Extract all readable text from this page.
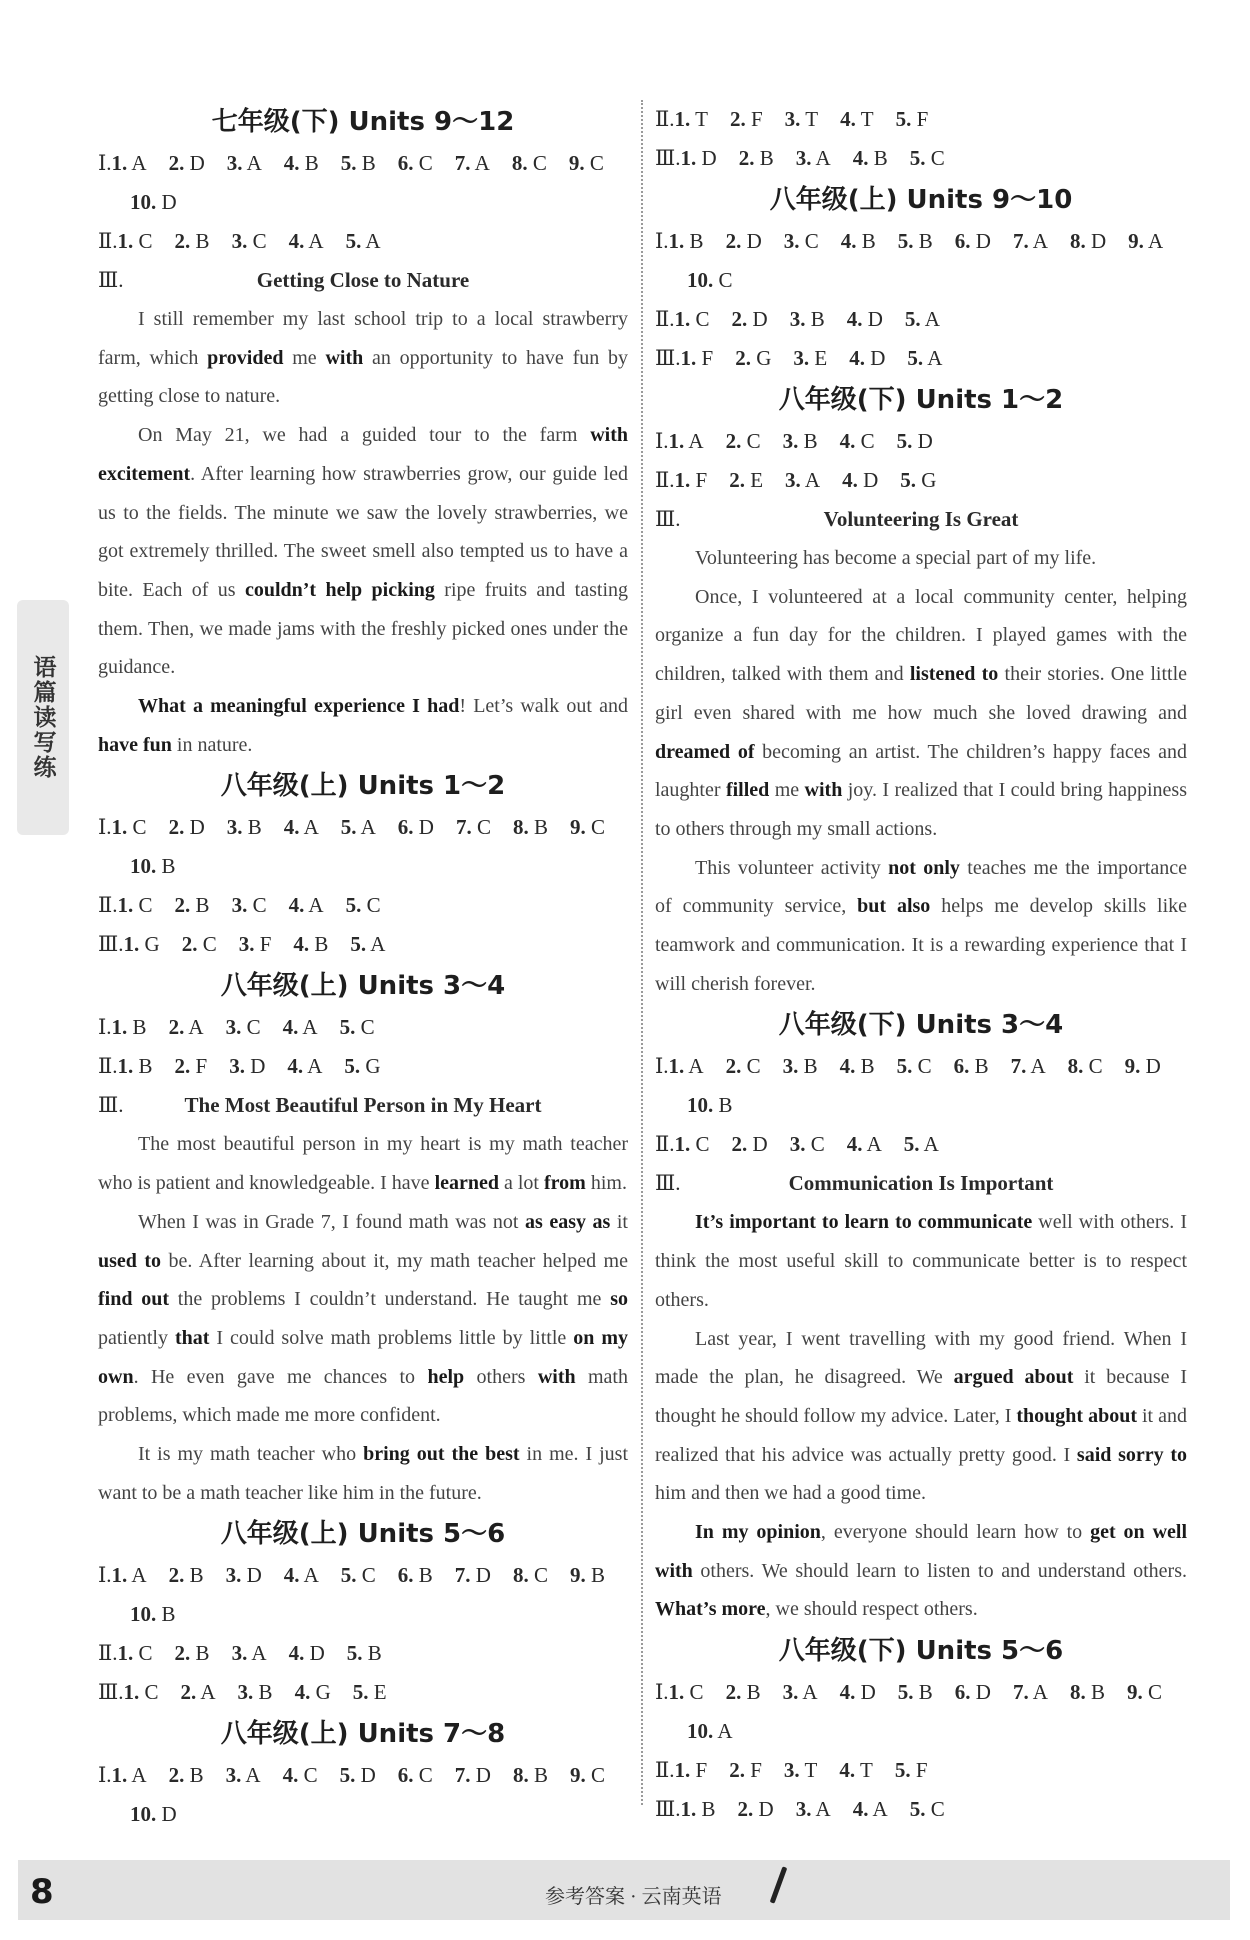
语篇读写练
七年级(下) Units 9～12
Ⅰ.1. A 2. D 3. A 4. B 5. B 6. C 7. A 8. C 9. C
10. D
Ⅱ.1. C 2. B 3. C 4. A 5. A
Ⅲ.	Getting Close to Nature

I still remember my last school trip to a local strawberry farm, which provided me with an opportunity to have fun by getting close to nature.

On May 21, we had a guided tour to the farm with excitement. After learning how strawberries grow, our guide led us to the fields. The minute we saw the lovely strawberries, we got extremely thrilled. The sweet smell also tempted us to have a bite. Each of us couldn’t help picking ripe fruits and tasting them. Then, we made jams with the freshly picked ones under the guidance.

What a meaningful experience I had! Let’s walk out and have fun in nature.

八年级(上) Units 1～2
Ⅰ.1. C 2. D 3. B 4. A 5. A 6. D 7. C 8. B 9. C
10. B
Ⅱ.1. C 2. B 3. C 4. A 5. C
Ⅲ.1. G 2. C 3. F 4. B 5. A
八年级(上) Units 3～4
Ⅰ.1. B 2. A 3. C 4. A 5. C
Ⅱ.1. B 2. F 3. D 4. A 5. G
Ⅲ.	The Most Beautiful Person in My Heart

The most beautiful person in my heart is my math teacher who is patient and knowledgeable. I have learned a lot from him.

When I was in Grade 7, I found math was not as easy as it used to be. After learning about it, my math teacher helped me find out the problems I couldn’t understand. He taught me so patiently that I could solve math problems little by little on my own. He even gave me chances to help others with math problems, which made me more confident.

It is my math teacher who bring out the best in me. I just want to be a math teacher like him in the future.

八年级(上) Units 5～6
Ⅰ.1. A 2. B 3. D 4. A 5. C 6. B 7. D 8. C 9. B
10. B
Ⅱ.1. C 2. B 3. A 4. D 5. B
Ⅲ.1. C 2. A 3. B 4. G 5. E
八年级(上) Units 7～8
Ⅰ.1. A 2. B 3. A 4. C 5. D 6. C 7. D 8. B 9. C
10. D
Ⅱ.1. T 2. F 3. T 4. T 5. F
Ⅲ.1. D 2. B 3. A 4. B 5. C
八年级(上) Units 9～10
Ⅰ.1. B 2. D 3. C 4. B 5. B 6. D 7. A 8. D 9. A
10. C
Ⅱ.1. C 2. D 3. B 4. D 5. A
Ⅲ.1. F 2. G 3. E 4. D 5. A
八年级(下) Units 1～2
Ⅰ.1. A 2. C 3. B 4. C 5. D
Ⅱ.1. F 2. E 3. A 4. D 5. G
Ⅲ.	Volunteering Is Great

Volunteering has become a special part of my life.

Once, I volunteered at a local community center, helping organize a fun day for the children. I played games with the children, talked with them and listened to their stories. One little girl even shared with me how much she loved drawing and dreamed of becoming an artist. The children’s happy faces and laughter filled me with joy. I realized that I could bring happiness to others through my small actions.

This volunteer activity not only teaches me the importance of community service, but also helps me develop skills like teamwork and communication. It is a rewarding experience that I will cherish forever.

八年级(下) Units 3～4
Ⅰ.1. A 2. C 3. B 4. B 5. C 6. B 7. A 8. C 9. D
10. B
Ⅱ.1. C 2. D 3. C 4. A 5. A
Ⅲ.	Communication Is Important

It’s important to learn to communicate well with others. I think the most useful skill to communicate better is to respect others.

Last year, I went travelling with my good friend. When I made the plan, he disagreed. We argued about it because I thought he should follow my advice. Later, I thought about it and realized that his advice was actually pretty good. I said sorry to him and then we had a good time.

In my opinion, everyone should learn how to get on well with others. We should learn to listen to and understand others. What’s more, we should respect others.

八年级(下) Units 5～6
Ⅰ.1. C 2. B 3. A 4. D 5. B 6. D 7. A 8. B 9. C
10. A
Ⅱ.1. F 2. F 3. T 4. T 5. F
Ⅲ.1. B 2. D 3. A 4. A 5. C
8	参考答案 · 云南英语
